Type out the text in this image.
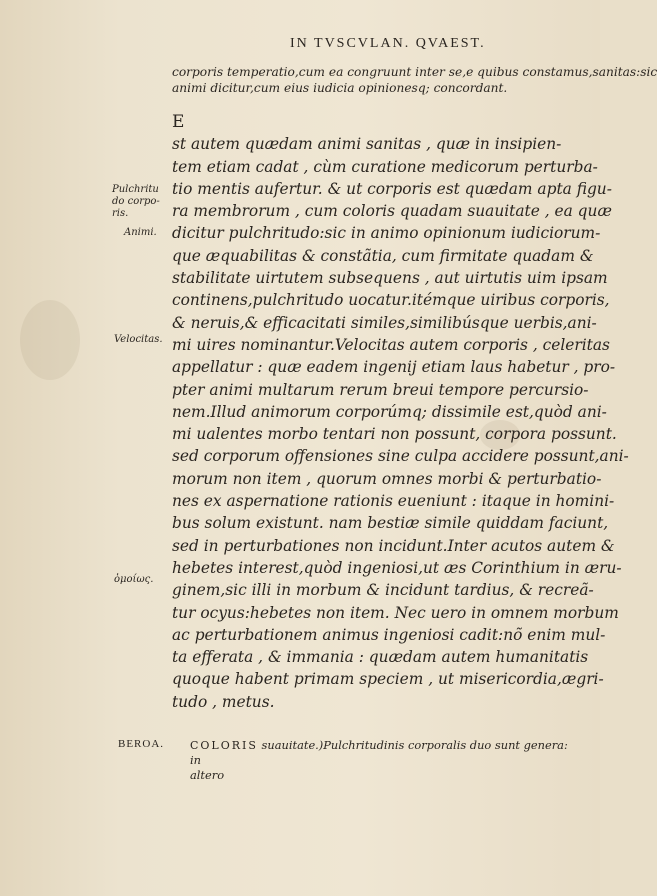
IN TVSCVLAN. QVAEST.

corporis temperatio,cum ea congruunt inter se,e quibus constamus,sanitas:sic
animi dicitur,cum eius iudicia opinionesq; concordant.

E
st autem quædam animi sanitas , quæ in insipien-
tem etiam cadat , cùm curatione medicorum perturba-
tio mentis aufertur. & ut corporis est quædam apta figu-
ra membrorum , cum coloris quadam suauitate , ea quæ
dicitur pulchritudo:sic in animo opinionum iudiciorum-
que æquabilitas & constãtia, cum firmitate quadam &
stabilitate uirtutem subsequens , aut uirtutis uim ipsam
continens,pulchritudo uocatur.itémque uiribus corporis,
& neruis,& efficacitati similes,similibúsque uerbis,ani-
mi uires nominantur.Velocitas autem corporis , celeritas
appellatur : quæ eadem ingenij etiam laus habetur , pro-
pter animi multarum rerum breui tempore percursio-
nem.Illud animorum corporúmq; dissimile est,quòd ani-
mi ualentes morbo tentari non possunt, corpora possunt.
sed corporum offensiones sine culpa accidere possunt,ani-
morum non item , quorum omnes morbi & perturbatio-
nes ex aspernatione rationis eueniunt : itaque in homini-
bus solum existunt. nam bestiæ simile quiddam faciunt,
sed in perturbationes non incidunt.Inter acutos autem &
hebetes interest,quòd ingeniosi,ut æs Corinthium in æru-
ginem,sic illi in morbum & incidunt tardius, & recreã-
tur ocyus:hebetes non item. Nec uero in omnem morbum
ac perturbationem animus ingeniosi cadit:nõ enim mul-
ta efferata , & immania : quædam autem humanitatis
quoque habent primam speciem , ut misericordia,ægri-
tudo , metus.

Pulchritu
do corpo-
ris.
Animi.
Velocitas.
ὁμοίως.
BEROA. COLORIS suauitate.)Pulchritudinis corporalis duo sunt genera: in
altero
